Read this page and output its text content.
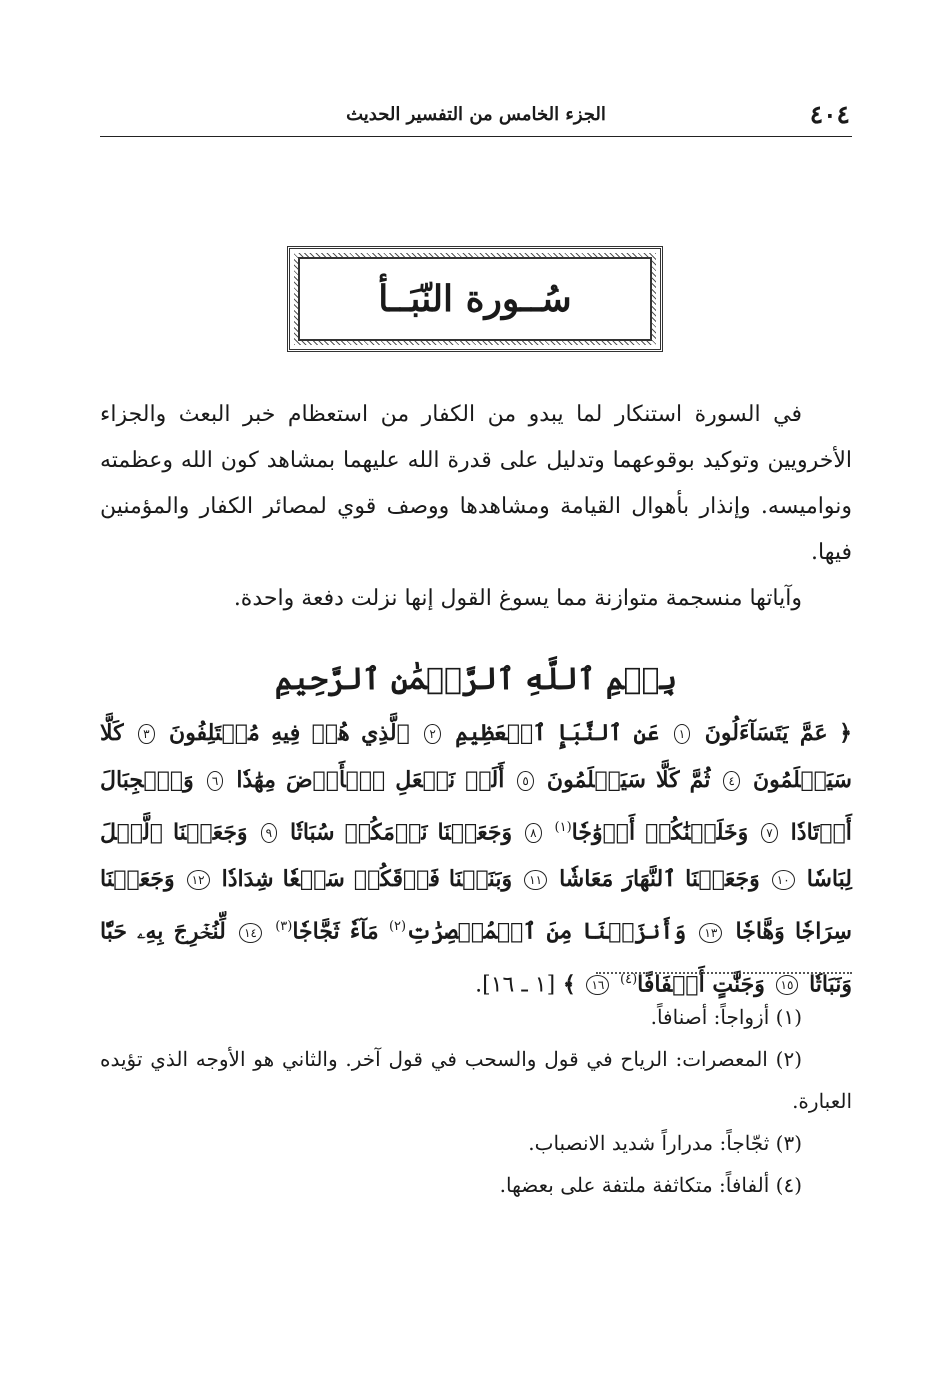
٤٠٤
الجزء الخامس من التفسير الحديث
سُــورة النّبَــأ

في السورة استنكار لما يبدو من الكفار من استعظام خبر البعث والجزاء الأخرويين وتوكيد بوقوعهما وتدليل على قدرة الله عليهما بمشاهد كون الله وعظمته ونواميسه. وإنذار بأهوال القيامة ومشاهدها ووصف قوي لمصائر الكفار والمؤمنين فيها.

وآياتها منسجمة متوازنة مما يسوغ القول إنها نزلت دفعة واحدة.

بِسۡمِ ٱللَّهِ ٱلرَّحۡمَٰنِ ٱلرَّحِيمِ
﴿ عَمَّ يَتَسَآءَلُونَ ١ عَنِ ٱلنَّبَإِ ٱلۡعَظِيمِ ٢ ٱلَّذِي هُمۡ فِيهِ مُخۡتَلِفُونَ ٣ كَلَّا سَيَعۡلَمُونَ ٤ ثُمَّ كَلَّا سَيَعۡلَمُونَ ٥ أَلَمۡ نَجۡعَلِ ٱلۡأَرۡضَ مِهَٰدٗا ٦ وَٱلۡجِبَالَ أَوۡتَادٗا ٧ وَخَلَقۡنَٰكُمۡ أَزۡوَٰجٗا$^{(١)}$ ٨ وَجَعَلۡنَا نَوۡمَكُمۡ سُبَاتٗا ٩ وَجَعَلۡنَا ٱلَّيۡلَ لِبَاسٗا ١٠ وَجَعَلۡنَا ٱلنَّهَارَ مَعَاشٗا ١١ وَبَنَيۡنَا فَوۡقَكُمۡ سَبۡعٗا شِدَادٗا ١٢ وَجَعَلۡنَا سِرَاجٗا وَهَّاجٗا ١٣ وَأَنزَلۡنَا مِنَ ٱلۡمُعۡصِرَٰتِ$^{(٢)}$ مَآءٗ ثَجَّاجٗا$^{(٣)}$ ١٤ لِّنُخۡرِجَ بِهِۦ حَبّٗا وَنَبَاتٗا ١٥ وَجَنَّٰتٍ أَلۡفَافًا$^{(٤)}$ ١٦ ﴾ [١ ـ ١٦].

(١) أزواجاً: أصنافاً.

(٢) المعصرات: الرياح في قول والسحب في قول آخر. والثاني هو الأوجه الذي تؤيده العبارة.

(٣) ثجّاجاً: مدراراً شديد الانصباب.

(٤) ألفافاً: متكاثفة ملتفة على بعضها.
